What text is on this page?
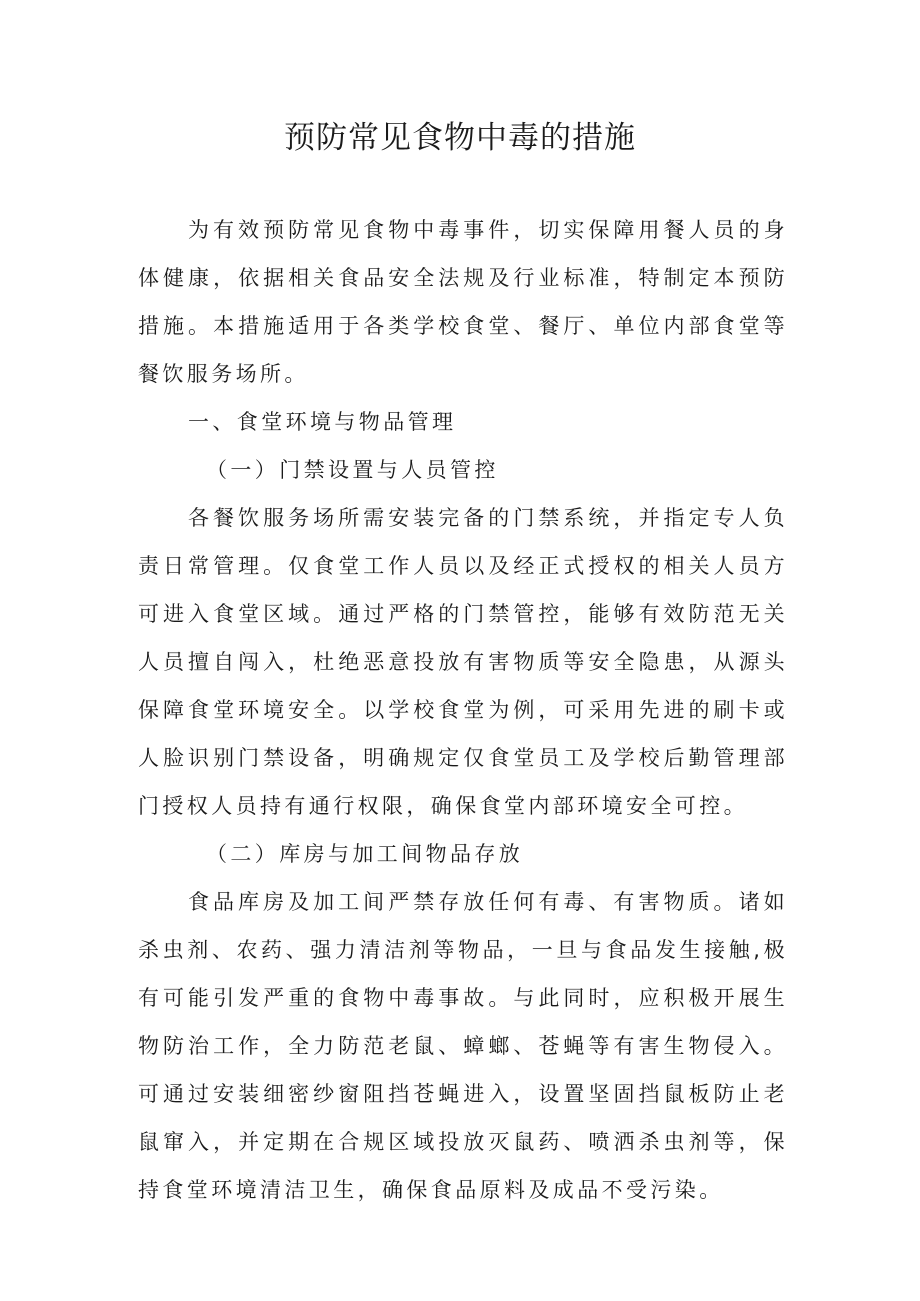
预防常见食物中毒的措施

为有效预防常见食物中毒事件，切实保障用餐人员的身体健康，依据相关食品安全法规及行业标准，特制定本预防措施。本措施适用于各类学校食堂、餐厅、单位内部食堂等餐饮服务场所。

一、食堂环境与物品管理

（一）门禁设置与人员管控

各餐饮服务场所需安装完备的门禁系统，并指定专人负责日常管理。仅食堂工作人员以及经正式授权的相关人员方可进入食堂区域。通过严格的门禁管控，能够有效防范无关人员擅自闯入，杜绝恶意投放有害物质等安全隐患，从源头保障食堂环境安全。以学校食堂为例，可采用先进的刷卡或人脸识别门禁设备，明确规定仅食堂员工及学校后勤管理部门授权人员持有通行权限，确保食堂内部环境安全可控。

（二）库房与加工间物品存放

食品库房及加工间严禁存放任何有毒、有害物质。诸如杀虫剂、农药、强力清洁剂等物品，一旦与食品发生接触,极有可能引发严重的食物中毒事故。与此同时，应积极开展生物防治工作，全力防范老鼠、蟑螂、苍蝇等有害生物侵入。可通过安装细密纱窗阻挡苍蝇进入，设置坚固挡鼠板防止老鼠窜入，并定期在合规区域投放灭鼠药、喷洒杀虫剂等，保持食堂环境清洁卫生，确保食品原料及成品不受污染。
